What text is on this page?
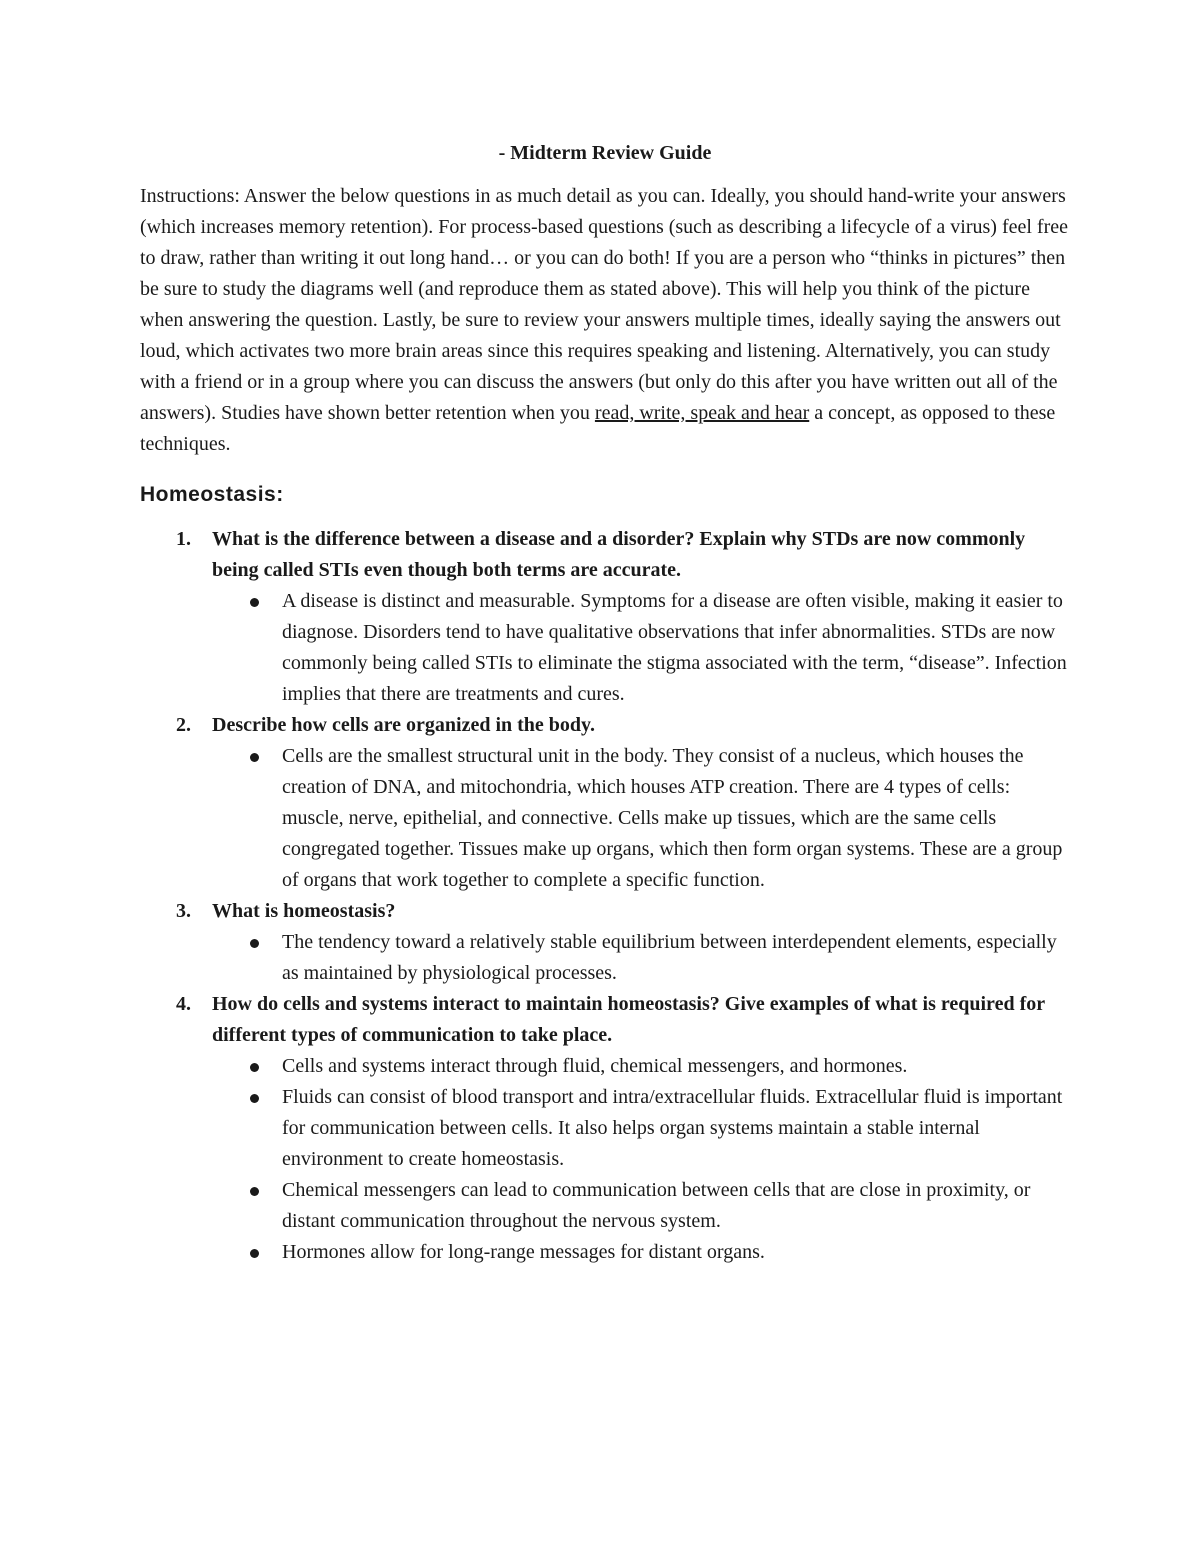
- Midterm Review Guide

Instructions: Answer the below questions in as much detail as you can. Ideally, you should hand-write your answers (which increases memory retention). For process-based questions (such as describing a lifecycle of a virus) feel free to draw, rather than writing it out long hand… or you can do both! If you are a person who “thinks in pictures” then be sure to study the diagrams well (and reproduce them as stated above). This will help you think of the picture when answering the question. Lastly, be sure to review your answers multiple times, ideally saying the answers out loud, which activates two more brain areas since this requires speaking and listening. Alternatively, you can study with a friend or in a group where you can discuss the answers (but only do this after you have written out all of the answers). Studies have shown better retention when you read, write, speak and hear a concept, as opposed to these techniques.

Homeostasis:
1. What is the difference between a disease and a disorder? Explain why STDs are now commonly being called STIs even though both terms are accurate.
A disease is distinct and measurable. Symptoms for a disease are often visible, making it easier to diagnose. Disorders tend to have qualitative observations that infer abnormalities. STDs are now commonly being called STIs to eliminate the stigma associated with the term, “disease”. Infection implies that there are treatments and cures.
2. Describe how cells are organized in the body.
Cells are the smallest structural unit in the body. They consist of a nucleus, which houses the creation of DNA, and mitochondria, which houses ATP creation. There are 4 types of cells: muscle, nerve, epithelial, and connective. Cells make up tissues, which are the same cells congregated together. Tissues make up organs, which then form organ systems. These are a group of organs that work together to complete a specific function.
3. What is homeostasis?
The tendency toward a relatively stable equilibrium between interdependent elements, especially as maintained by physiological processes.
4. How do cells and systems interact to maintain homeostasis? Give examples of what is required for different types of communication to take place.
Cells and systems interact through fluid, chemical messengers, and hormones.
Fluids can consist of blood transport and intra/extracellular fluids. Extracellular fluid is important for communication between cells. It also helps organ systems maintain a stable internal environment to create homeostasis.
Chemical messengers can lead to communication between cells that are close in proximity, or distant communication throughout the nervous system.
Hormones allow for long-range messages for distant organs.
